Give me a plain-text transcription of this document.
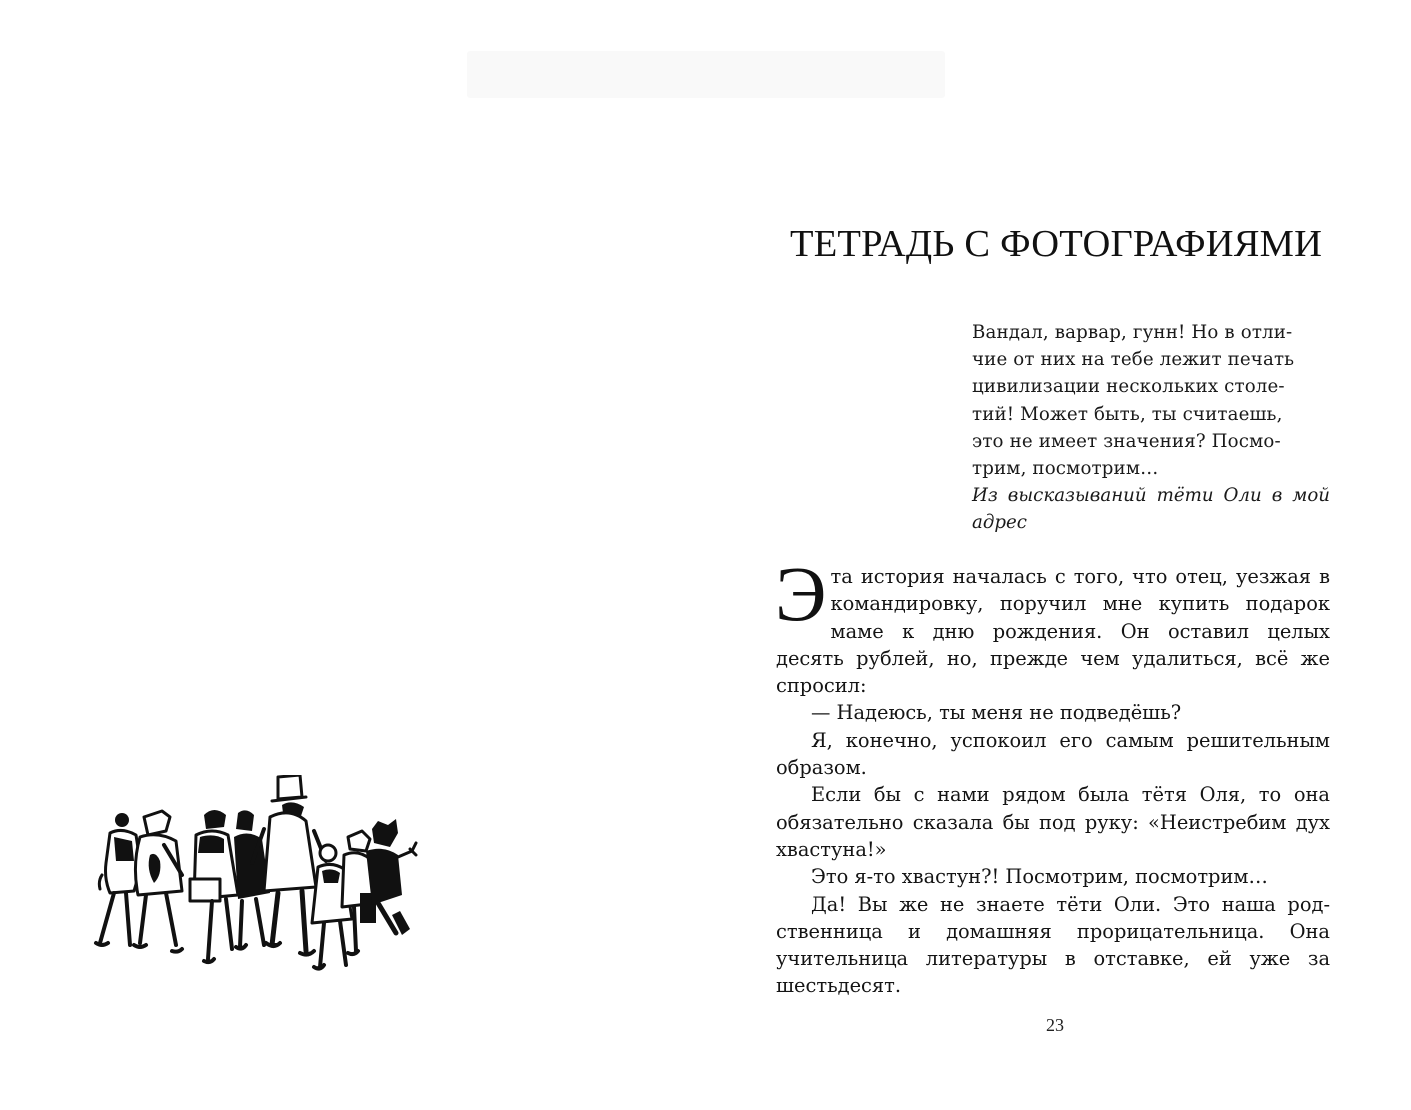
ТЕТРАДЬ С ФОТОГРАФИЯМИ

Вандал, варвар, гунн! Но в отли-

чие от них на тебе лежит печать

цивилизации нескольких столе-

тий! Может быть, ты считаешь,

это не имеет значения? Посмо-

трим, посмотрим…

Из высказываний тёти Оли в мой адрес

Эта история началась с того, что отец, уезжая в командировку, поручил мне купить подарок маме к дню рождения. Он оставил целых десять рублей, но, прежде чем удалиться, всё же спросил:

— Надеюсь, ты меня не подведёшь?

Я, конечно, успокоил его самым решительным образом.

Если бы с нами рядом была тётя Оля, то она обязательно сказала бы под руку: «Неистребим дух хвастуна!»

Это я-то хвастун?! Посмотрим, посмотрим…

Да! Вы же не знаете тёти Оли. Это наша родственница и домашняя прорицательница. Она учительница литературы в отставке, ей уже за шестьдесят.

23
